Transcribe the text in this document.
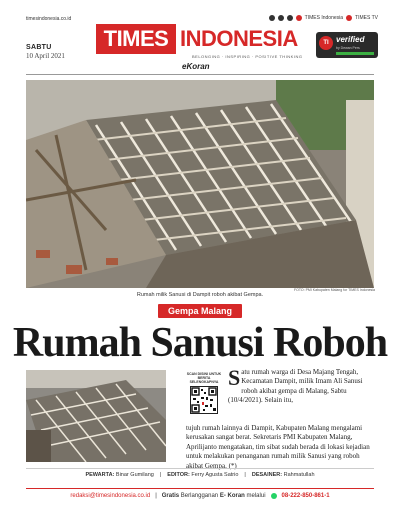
timesindonesia.co.id	TIMES Indonesia TIMES TV
SABTU
10 April 2021
TIMES INDONESIA
BELONGING · INSPIRING · POSITIVE THINKING
eKoran
TI verified
by Dewan Pers
FOTO: PMI Kabupaten Malang for TIMES Indonesia
Rumah milik Sanusi di Dampit roboh akibat Gempa.
Gempa Malang
Rumah Sanusi Roboh
SCAN DISINI UNTUK BERITA SELENGKAPNYA Satu rumah warga di Desa Majang Tengah, Kecamatan Dampit, milik Imam Ali Sanusi roboh akibat gempa di Malang, Sabtu (10/4/2021). Selain itu,
tujuh rumah lainnya di Dampit, Kabupaten Malang mengalami kerusakan sangat berat. Sekretaris PMI Kabupaten Malang, Aprilijanto mengatakan, tim sibat sudah berada di lokasi kejadian untuk melakukan penanganan rumah milik Sanusi yang roboh akibat Gempa. (*)
PEWARTA: Binar Gumilang | EDITOR: Ferry Agusta Satrio | DESAINER: Rahmatullah
redaksi@timesindonesia.co.id | Gratis Berlangganan E- Koran melalui	08-222-850-861-1
